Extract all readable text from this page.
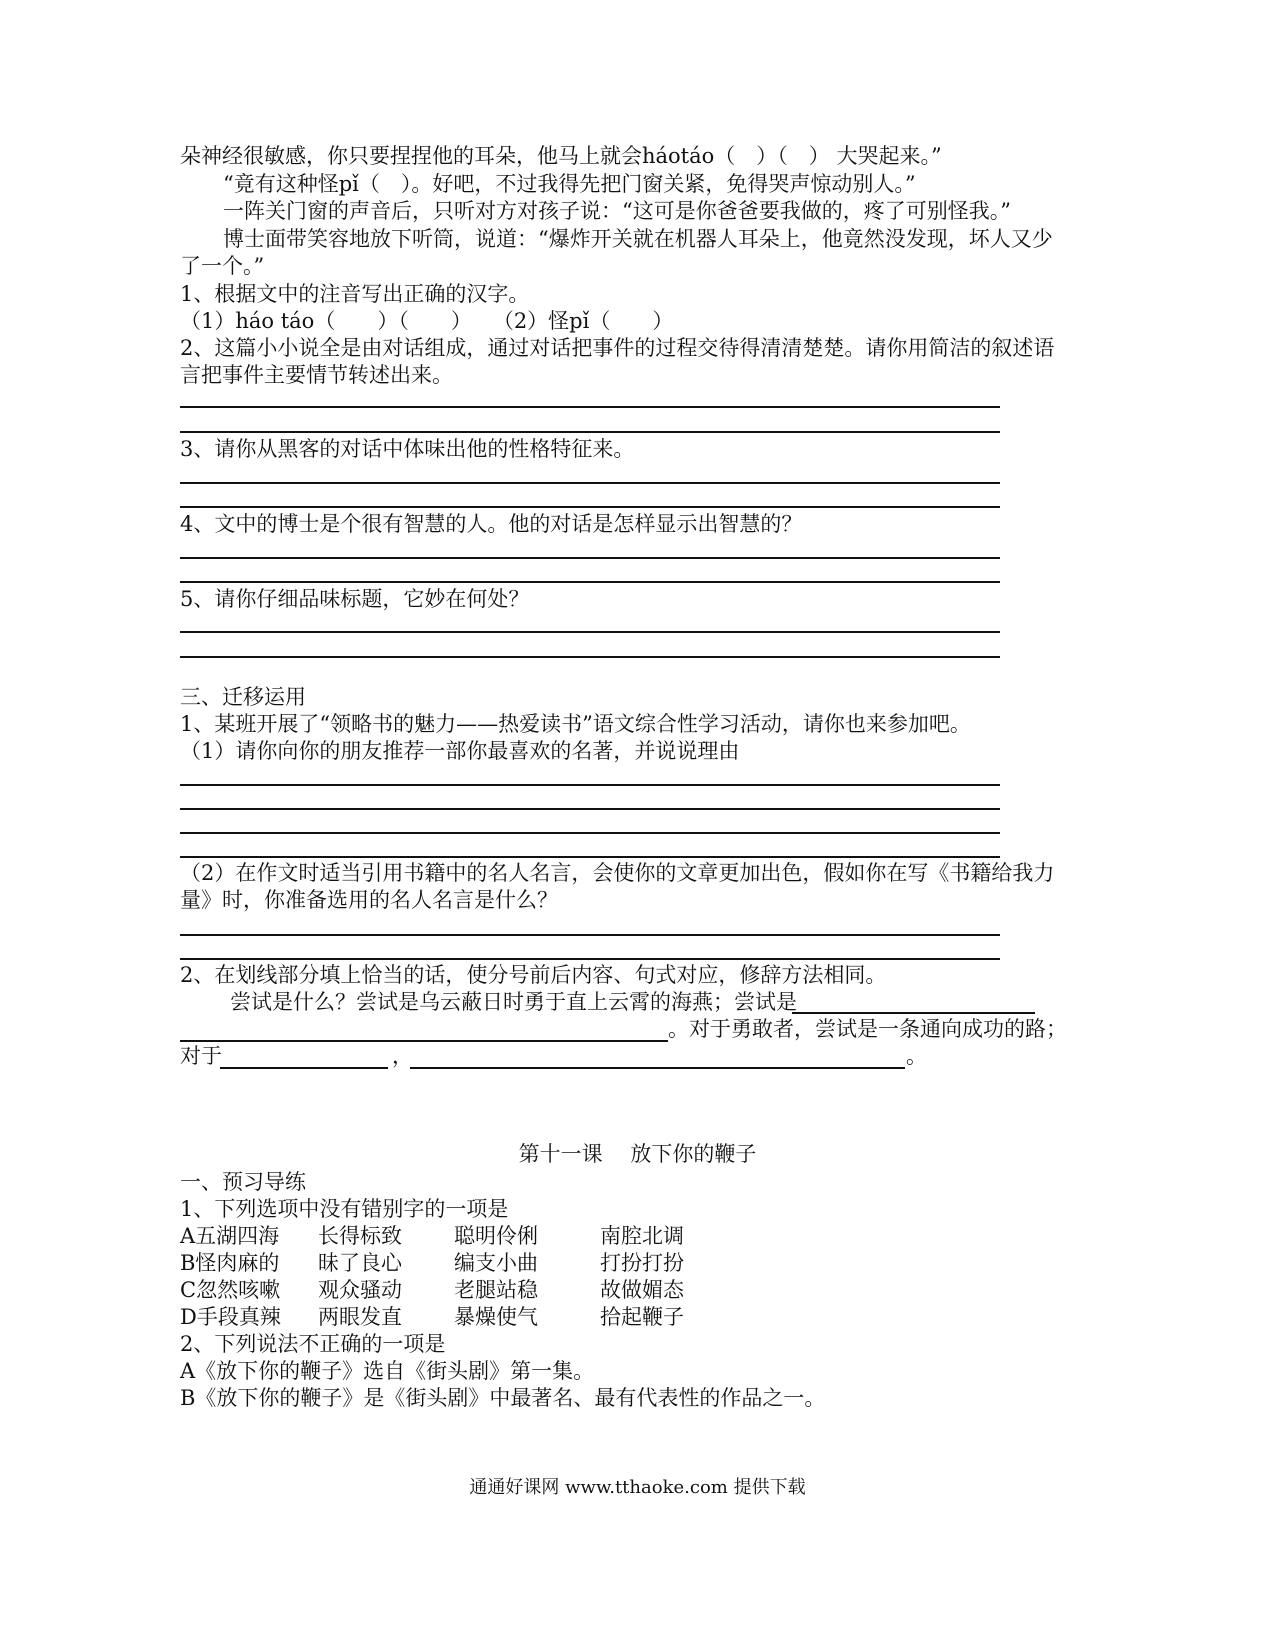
朵神经很敏感，你只要捏捏他的耳朵，他马上就会háotáo（　）（　） 大哭起来。”
“竟有这种怪pǐ（　）。好吧，不过我得先把门窗关紧，免得哭声惊动别人。”
一阵关门窗的声音后，只听对方对孩子说：“这可是你爸爸要我做的，疼了可别怪我。”
博士面带笑容地放下听筒，说道：“爆炸开关就在机器人耳朵上，他竟然没发现，坏人又少
了一个。”
1、根据文中的注音写出正确的汉字。
（1）háo táo（　　）（　　）　　（2）怪pǐ（　　）
2、这篇小小说全是由对话组成，通过对话把事件的过程交待得清清楚楚。请你用简洁的叙述语
言把事件主要情节转述出来。
3、请你从黑客的对话中体味出他的性格特征来。
4、文中的博士是个很有智慧的人。他的对话是怎样显示出智慧的？
5、请你仔细品味标题，它妙在何处？
三、迁移运用
1、某班开展了“领略书的魅力——热爱读书”语文综合性学习活动，请你也来参加吧。
（1）请你向你的朋友推荐一部你最喜欢的名著，并说说理由
（2）在作文时适当引用书籍中的名人名言，会使你的文章更加出色，假如你在写《书籍给我力
量》时，你准备选用的名人名言是什么？
2、在划线部分填上恰当的话，使分号前后内容、句式对应，修辞方法相同。
尝试是什么？尝试是乌云蔽日时勇于直上云霄的海燕；尝试是
。对于勇敢者，尝试是一条通向成功的路；
对于	，	。
第十一课　 放下你的鞭子
一、预习导练
1、下列选项中没有错别字的一项是
A五湖四海 长得标致 聪明伶俐	南腔北调
B怪肉麻的 昧了良心 编支小曲	打扮打扮
C忽然咳嗽 观众骚动 老腿站稳	故做媚态
D手段真辣 两眼发直 暴燥使气	拾起鞭子
2、下列说法不正确的一项是
A《放下你的鞭子》选自《街头剧》第一集。
B《放下你的鞭子》是《街头剧》中最著名、最有代表性的作品之一。
通通好课网 www.tthaoke.com 提供下载
